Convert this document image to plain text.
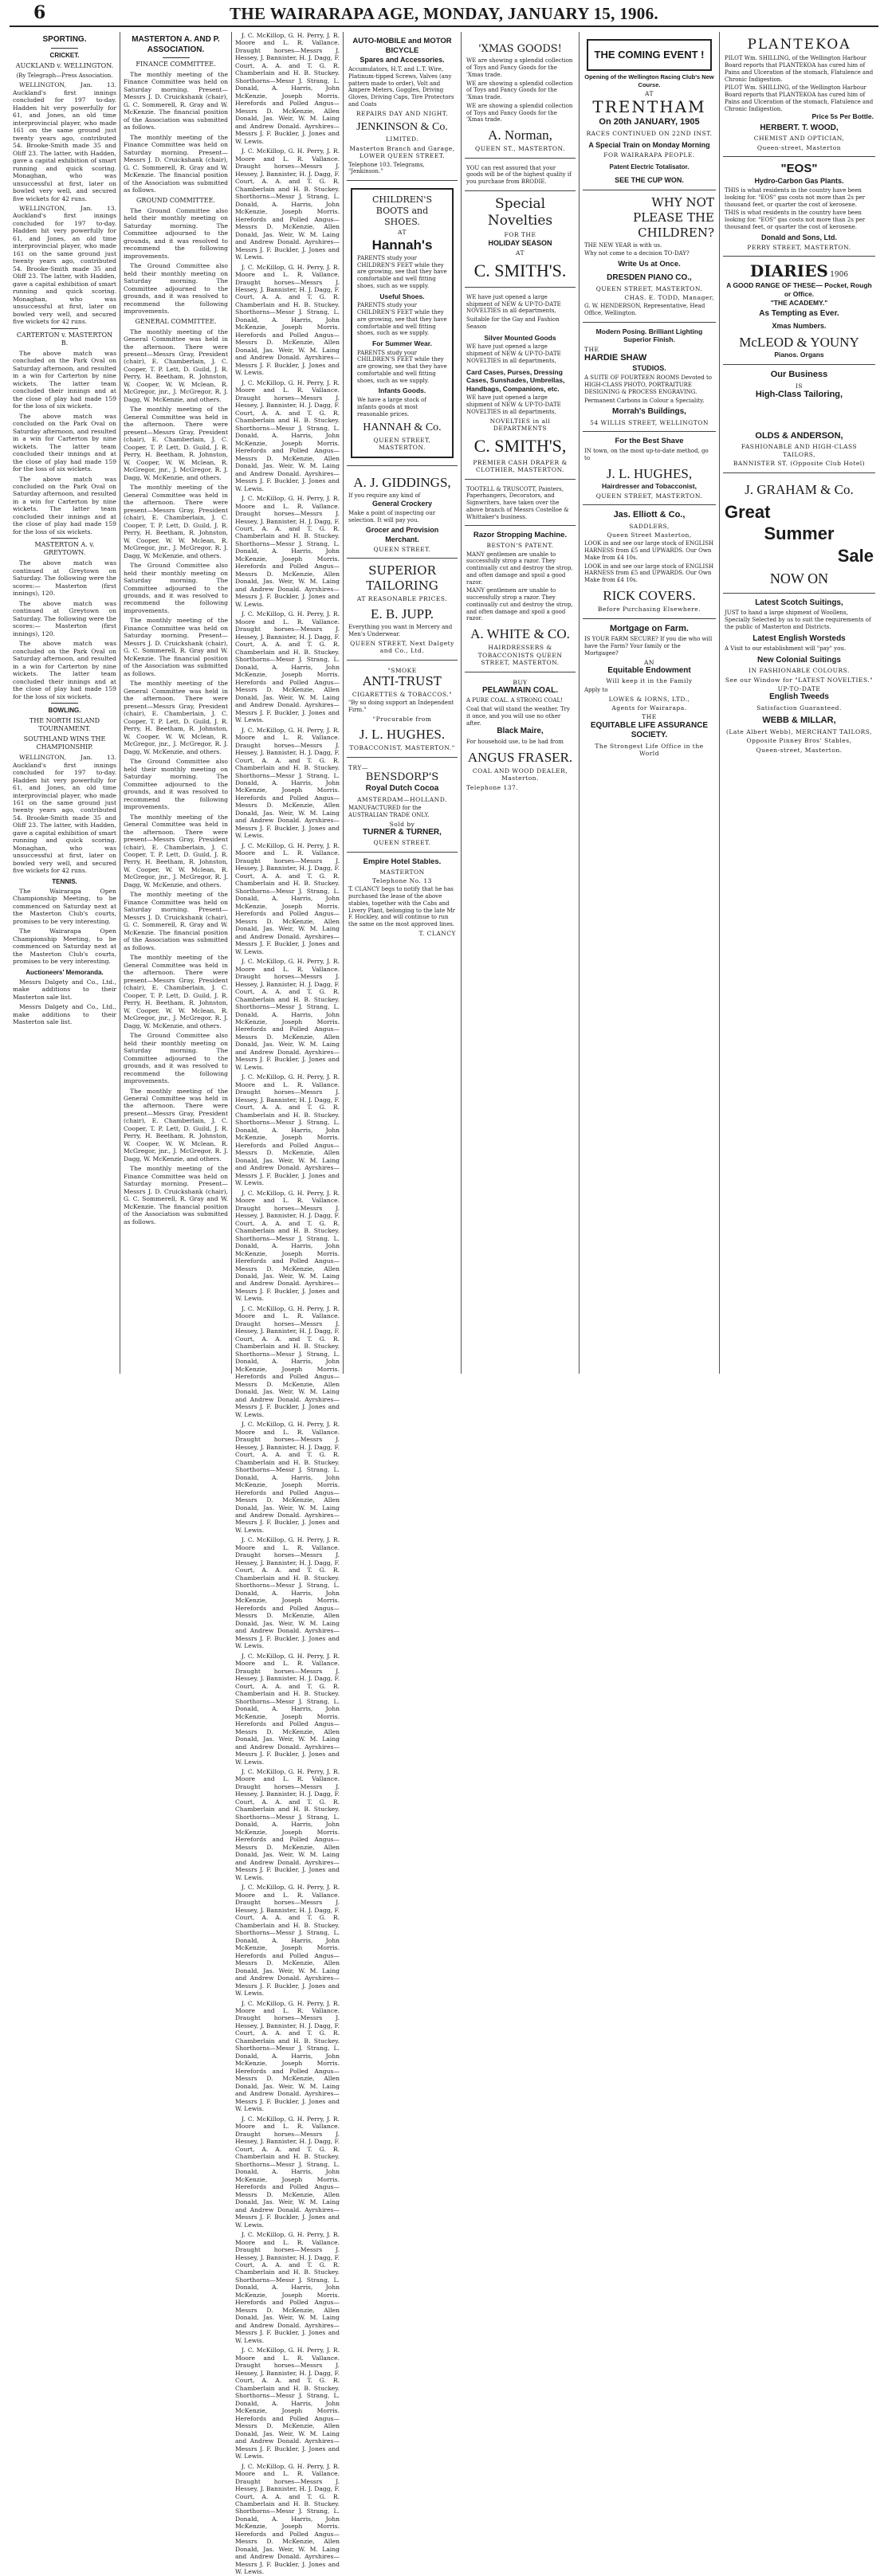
6	THE WAIRARAPA AGE, MONDAY, JANUARY 15, 1906.
SPORTING.
CRICKET.
AUCKLAND v. WELLINGTON.
(By Telegraph—Press Association.
WELLINGTON, Jan. 13. Auckland's first innings concluded for 197 to-day. Hadden hit very powerfully for 61, and Jones, an old time interprovincial player, who made 161 on the same ground just twenty years ago, contributed 54. Brooke-Smith made 35 and Oliff 23. The latter, with Hadden, gave a capital exhibition of smart running and quick scoring. Monaghan, who was unsuccessful at first, later on bowled very well, and secured five wickets for 42 runs.
WELLINGTON, Jan. 13. Auckland's first innings concluded for 197 to-day. Hadden hit very powerfully for 61, and Jones, an old time interprovincial player, who made 161 on the same ground just twenty years ago, contributed 54. Brooke-Smith made 35 and Oliff 23. The latter, with Hadden, gave a capital exhibition of smart running and quick scoring. Monaghan, who was unsuccessful at first, later on bowled very well, and secured five wickets for 42 runs.
CARTERTON v. MASTERTON B.
The above match was concluded on the Park Oval on Saturday afternoon, and resulted in a win for Carterton by nine wickets. The latter team concluded their innings and at the close of play had made 159 for the loss of six wickets.
The above match was concluded on the Park Oval on Saturday afternoon, and resulted in a win for Carterton by nine wickets. The latter team concluded their innings and at the close of play had made 159 for the loss of six wickets.
The above match was concluded on the Park Oval on Saturday afternoon, and resulted in a win for Carterton by nine wickets. The latter team concluded their innings and at the close of play had made 159 for the loss of six wickets.
MASTERTON A. v. GREYTOWN.
The above match was continued at Greytown on Saturday. The following were the scores:— Masterton (first innings), 120.
The above match was continued at Greytown on Saturday. The following were the scores:— Masterton (first innings), 120.
The above match was concluded on the Park Oval on Saturday afternoon, and resulted in a win for Carterton by nine wickets. The latter team concluded their innings and at the close of play had made 159 for the loss of six wickets.
BOWLING.
THE NORTH ISLAND TOURNAMENT.
SOUTHLAND WINS THE CHAMPIONSHIP.
WELLINGTON, Jan. 13. Auckland's first innings concluded for 197 to-day. Hadden hit very powerfully for 61, and Jones, an old time interprovincial player, who made 161 on the same ground just twenty years ago, contributed 54. Brooke-Smith made 35 and Oliff 23. The latter, with Hadden, gave a capital exhibition of smart running and quick scoring. Monaghan, who was unsuccessful at first, later on bowled very well, and secured five wickets for 42 runs.
TENNIS.
The Wairarapa Open Championship Meeting, to be commenced on Saturday next at the Masterton Club's courts, promises to be very interesting.
The Wairarapa Open Championship Meeting, to be commenced on Saturday next at the Masterton Club's courts, promises to be very interesting.
Auctioneers' Memoranda.
Messrs Dalgety and Co., Ltd., make additions to their Masterton sale list.
Messrs Dalgety and Co., Ltd., make additions to their Masterton sale list.
MASTERTON A. AND P. ASSOCIATION.
FINANCE COMMITTEE.
The monthly meeting of the Finance Committee was held on Saturday morning. Present—Messrs J. D. Cruickshank (chair), G. C. Sommerell, R. Gray and W. McKenzie. The financial position of the Association was submitted as follows.
The monthly meeting of the Finance Committee was held on Saturday morning. Present—Messrs J. D. Cruickshank (chair), G. C. Sommerell, R. Gray and W. McKenzie. The financial position of the Association was submitted as follows.
GROUND COMMITTEE.
The Ground Committee also held their monthly meeting on Saturday morning. The Committee adjourned to the grounds, and it was resolved to recommend the following improvements.
The Ground Committee also held their monthly meeting on Saturday morning. The Committee adjourned to the grounds, and it was resolved to recommend the following improvements.
GENERAL COMMITTEE.
The monthly meeting of the General Committee was held in the afternoon. There were present—Messrs Gray, President (chair), E. Chamberlain, J. C. Cooper, T. P. Lett, D. Guild, J. R. Perry, H. Beetham, R. Johnston, W. Cooper, W. W. Mclean, R. McGregor, jnr., J. McGregor, R. J. Dagg, W. McKenzie, and others.
The monthly meeting of the General Committee was held in the afternoon. There were present—Messrs Gray, President (chair), E. Chamberlain, J. C. Cooper, T. P. Lett, D. Guild, J. R. Perry, H. Beetham, R. Johnston, W. Cooper, W. W. Mclean, R. McGregor, jnr., J. McGregor, R. J. Dagg, W. McKenzie, and others.
The monthly meeting of the General Committee was held in the afternoon. There were present—Messrs Gray, President (chair), E. Chamberlain, J. C. Cooper, T. P. Lett, D. Guild, J. R. Perry, H. Beetham, R. Johnston, W. Cooper, W. W. Mclean, R. McGregor, jnr., J. McGregor, R. J. Dagg, W. McKenzie, and others.
The Ground Committee also held their monthly meeting on Saturday morning. The Committee adjourned to the grounds, and it was resolved to recommend the following improvements.
The monthly meeting of the Finance Committee was held on Saturday morning. Present—Messrs J. D. Cruickshank (chair), G. C. Sommerell, R. Gray and W. McKenzie. The financial position of the Association was submitted as follows.
The monthly meeting of the General Committee was held in the afternoon. There were present—Messrs Gray, President (chair), E. Chamberlain, J. C. Cooper, T. P. Lett, D. Guild, J. R. Perry, H. Beetham, R. Johnston, W. Cooper, W. W. Mclean, R. McGregor, jnr., J. McGregor, R. J. Dagg, W. McKenzie, and others.
The Ground Committee also held their monthly meeting on Saturday morning. The Committee adjourned to the grounds, and it was resolved to recommend the following improvements.
The monthly meeting of the General Committee was held in the afternoon. There were present—Messrs Gray, President (chair), E. Chamberlain, J. C. Cooper, T. P. Lett, D. Guild, J. R. Perry, H. Beetham, R. Johnston, W. Cooper, W. W. Mclean, R. McGregor, jnr., J. McGregor, R. J. Dagg, W. McKenzie, and others.
The monthly meeting of the Finance Committee was held on Saturday morning. Present—Messrs J. D. Cruickshank (chair), G. C. Sommerell, R. Gray and W. McKenzie. The financial position of the Association was submitted as follows.
The monthly meeting of the General Committee was held in the afternoon. There were present—Messrs Gray, President (chair), E. Chamberlain, J. C. Cooper, T. P. Lett, D. Guild, J. R. Perry, H. Beetham, R. Johnston, W. Cooper, W. W. Mclean, R. McGregor, jnr., J. McGregor, R. J. Dagg, W. McKenzie, and others.
The Ground Committee also held their monthly meeting on Saturday morning. The Committee adjourned to the grounds, and it was resolved to recommend the following improvements.
The monthly meeting of the General Committee was held in the afternoon. There were present—Messrs Gray, President (chair), E. Chamberlain, J. C. Cooper, T. P. Lett, D. Guild, J. R. Perry, H. Beetham, R. Johnston, W. Cooper, W. W. Mclean, R. McGregor, jnr., J. McGregor, R. J. Dagg, W. McKenzie, and others.
The monthly meeting of the Finance Committee was held on Saturday morning. Present—Messrs J. D. Cruickshank (chair), G. C. Sommerell, R. Gray and W. McKenzie. The financial position of the Association was submitted as follows.
J. C. McKillop, G. H. Perry, J. R. Moore and L. R. Vallance. Draught horses—Messrs J. Hessey, J. Bannister, H. J. Dagg, F. Court, A. A. and T. G. R. Chamberlain and H. B. Stuckey. Shorthorns—Messr J. Strang, L. Donald, A. Harris, John McKenzie, Joseph Morris. Herefords and Polled Angus—Messrs D. McKenzie, Allen Donald, Jas. Weir, W. M. Laing and Andrew Donald. Ayrshires—Messrs J. F. Buckler, J. Jones and W. Lewis.
J. C. McKillop, G. H. Perry, J. R. Moore and L. R. Vallance. Draught horses—Messrs J. Hessey, J. Bannister, H. J. Dagg, F. Court, A. A. and T. G. R. Chamberlain and H. B. Stuckey. Shorthorns—Messr J. Strang, L. Donald, A. Harris, John McKenzie, Joseph Morris. Herefords and Polled Angus—Messrs D. McKenzie, Allen Donald, Jas. Weir, W. M. Laing and Andrew Donald. Ayrshires—Messrs J. F. Buckler, J. Jones and W. Lewis.
J. C. McKillop, G. H. Perry, J. R. Moore and L. R. Vallance. Draught horses—Messrs J. Hessey, J. Bannister, H. J. Dagg, F. Court, A. A. and T. G. R. Chamberlain and H. B. Stuckey. Shorthorns—Messr J. Strang, L. Donald, A. Harris, John McKenzie, Joseph Morris. Herefords and Polled Angus—Messrs D. McKenzie, Allen Donald, Jas. Weir, W. M. Laing and Andrew Donald. Ayrshires—Messrs J. F. Buckler, J. Jones and W. Lewis.
J. C. McKillop, G. H. Perry, J. R. Moore and L. R. Vallance. Draught horses—Messrs J. Hessey, J. Bannister, H. J. Dagg, F. Court, A. A. and T. G. R. Chamberlain and H. B. Stuckey. Shorthorns—Messr J. Strang, L. Donald, A. Harris, John McKenzie, Joseph Morris. Herefords and Polled Angus—Messrs D. McKenzie, Allen Donald, Jas. Weir, W. M. Laing and Andrew Donald. Ayrshires—Messrs J. F. Buckler, J. Jones and W. Lewis.
J. C. McKillop, G. H. Perry, J. R. Moore and L. R. Vallance. Draught horses—Messrs J. Hessey, J. Bannister, H. J. Dagg, F. Court, A. A. and T. G. R. Chamberlain and H. B. Stuckey. Shorthorns—Messr J. Strang, L. Donald, A. Harris, John McKenzie, Joseph Morris. Herefords and Polled Angus—Messrs D. McKenzie, Allen Donald, Jas. Weir, W. M. Laing and Andrew Donald. Ayrshires—Messrs J. F. Buckler, J. Jones and W. Lewis.
J. C. McKillop, G. H. Perry, J. R. Moore and L. R. Vallance. Draught horses—Messrs J. Hessey, J. Bannister, H. J. Dagg, F. Court, A. A. and T. G. R. Chamberlain and H. B. Stuckey. Shorthorns—Messr J. Strang, L. Donald, A. Harris, John McKenzie, Joseph Morris. Herefords and Polled Angus—Messrs D. McKenzie, Allen Donald, Jas. Weir, W. M. Laing and Andrew Donald. Ayrshires—Messrs J. F. Buckler, J. Jones and W. Lewis.
J. C. McKillop, G. H. Perry, J. R. Moore and L. R. Vallance. Draught horses—Messrs J. Hessey, J. Bannister, H. J. Dagg, F. Court, A. A. and T. G. R. Chamberlain and H. B. Stuckey. Shorthorns—Messr J. Strang, L. Donald, A. Harris, John McKenzie, Joseph Morris. Herefords and Polled Angus—Messrs D. McKenzie, Allen Donald, Jas. Weir, W. M. Laing and Andrew Donald. Ayrshires—Messrs J. F. Buckler, J. Jones and W. Lewis.
J. C. McKillop, G. H. Perry, J. R. Moore and L. R. Vallance. Draught horses—Messrs J. Hessey, J. Bannister, H. J. Dagg, F. Court, A. A. and T. G. R. Chamberlain and H. B. Stuckey. Shorthorns—Messr J. Strang, L. Donald, A. Harris, John McKenzie, Joseph Morris. Herefords and Polled Angus—Messrs D. McKenzie, Allen Donald, Jas. Weir, W. M. Laing and Andrew Donald. Ayrshires—Messrs J. F. Buckler, J. Jones and W. Lewis.
J. C. McKillop, G. H. Perry, J. R. Moore and L. R. Vallance. Draught horses—Messrs J. Hessey, J. Bannister, H. J. Dagg, F. Court, A. A. and T. G. R. Chamberlain and H. B. Stuckey. Shorthorns—Messr J. Strang, L. Donald, A. Harris, John McKenzie, Joseph Morris. Herefords and Polled Angus—Messrs D. McKenzie, Allen Donald, Jas. Weir, W. M. Laing and Andrew Donald. Ayrshires—Messrs J. F. Buckler, J. Jones and W. Lewis.
J. C. McKillop, G. H. Perry, J. R. Moore and L. R. Vallance. Draught horses—Messrs J. Hessey, J. Bannister, H. J. Dagg, F. Court, A. A. and T. G. R. Chamberlain and H. B. Stuckey. Shorthorns—Messr J. Strang, L. Donald, A. Harris, John McKenzie, Joseph Morris. Herefords and Polled Angus—Messrs D. McKenzie, Allen Donald, Jas. Weir, W. M. Laing and Andrew Donald. Ayrshires—Messrs J. F. Buckler, J. Jones and W. Lewis.
J. C. McKillop, G. H. Perry, J. R. Moore and L. R. Vallance. Draught horses—Messrs J. Hessey, J. Bannister, H. J. Dagg, F. Court, A. A. and T. G. R. Chamberlain and H. B. Stuckey. Shorthorns—Messr J. Strang, L. Donald, A. Harris, John McKenzie, Joseph Morris. Herefords and Polled Angus—Messrs D. McKenzie, Allen Donald, Jas. Weir, W. M. Laing and Andrew Donald. Ayrshires—Messrs J. F. Buckler, J. Jones and W. Lewis.
J. C. McKillop, G. H. Perry, J. R. Moore and L. R. Vallance. Draught horses—Messrs J. Hessey, J. Bannister, H. J. Dagg, F. Court, A. A. and T. G. R. Chamberlain and H. B. Stuckey. Shorthorns—Messr J. Strang, L. Donald, A. Harris, John McKenzie, Joseph Morris. Herefords and Polled Angus—Messrs D. McKenzie, Allen Donald, Jas. Weir, W. M. Laing and Andrew Donald. Ayrshires—Messrs J. F. Buckler, J. Jones and W. Lewis.
J. C. McKillop, G. H. Perry, J. R. Moore and L. R. Vallance. Draught horses—Messrs J. Hessey, J. Bannister, H. J. Dagg, F. Court, A. A. and T. G. R. Chamberlain and H. B. Stuckey. Shorthorns—Messr J. Strang, L. Donald, A. Harris, John McKenzie, Joseph Morris. Herefords and Polled Angus—Messrs D. McKenzie, Allen Donald, Jas. Weir, W. M. Laing and Andrew Donald. Ayrshires—Messrs J. F. Buckler, J. Jones and W. Lewis.
J. C. McKillop, G. H. Perry, J. R. Moore and L. R. Vallance. Draught horses—Messrs J. Hessey, J. Bannister, H. J. Dagg, F. Court, A. A. and T. G. R. Chamberlain and H. B. Stuckey. Shorthorns—Messr J. Strang, L. Donald, A. Harris, John McKenzie, Joseph Morris. Herefords and Polled Angus—Messrs D. McKenzie, Allen Donald, Jas. Weir, W. M. Laing and Andrew Donald. Ayrshires—Messrs J. F. Buckler, J. Jones and W. Lewis.
J. C. McKillop, G. H. Perry, J. R. Moore and L. R. Vallance. Draught horses—Messrs J. Hessey, J. Bannister, H. J. Dagg, F. Court, A. A. and T. G. R. Chamberlain and H. B. Stuckey. Shorthorns—Messr J. Strang, L. Donald, A. Harris, John McKenzie, Joseph Morris. Herefords and Polled Angus—Messrs D. McKenzie, Allen Donald, Jas. Weir, W. M. Laing and Andrew Donald. Ayrshires—Messrs J. F. Buckler, J. Jones and W. Lewis.
J. C. McKillop, G. H. Perry, J. R. Moore and L. R. Vallance. Draught horses—Messrs J. Hessey, J. Bannister, H. J. Dagg, F. Court, A. A. and T. G. R. Chamberlain and H. B. Stuckey. Shorthorns—Messr J. Strang, L. Donald, A. Harris, John McKenzie, Joseph Morris. Herefords and Polled Angus—Messrs D. McKenzie, Allen Donald, Jas. Weir, W. M. Laing and Andrew Donald. Ayrshires—Messrs J. F. Buckler, J. Jones and W. Lewis.
J. C. McKillop, G. H. Perry, J. R. Moore and L. R. Vallance. Draught horses—Messrs J. Hessey, J. Bannister, H. J. Dagg, F. Court, A. A. and T. G. R. Chamberlain and H. B. Stuckey. Shorthorns—Messr J. Strang, L. Donald, A. Harris, John McKenzie, Joseph Morris. Herefords and Polled Angus—Messrs D. McKenzie, Allen Donald, Jas. Weir, W. M. Laing and Andrew Donald. Ayrshires—Messrs J. F. Buckler, J. Jones and W. Lewis.
J. C. McKillop, G. H. Perry, J. R. Moore and L. R. Vallance. Draught horses—Messrs J. Hessey, J. Bannister, H. J. Dagg, F. Court, A. A. and T. G. R. Chamberlain and H. B. Stuckey. Shorthorns—Messr J. Strang, L. Donald, A. Harris, John McKenzie, Joseph Morris. Herefords and Polled Angus—Messrs D. McKenzie, Allen Donald, Jas. Weir, W. M. Laing and Andrew Donald. Ayrshires—Messrs J. F. Buckler, J. Jones and W. Lewis.
J. C. McKillop, G. H. Perry, J. R. Moore and L. R. Vallance. Draught horses—Messrs J. Hessey, J. Bannister, H. J. Dagg, F. Court, A. A. and T. G. R. Chamberlain and H. B. Stuckey. Shorthorns—Messr J. Strang, L. Donald, A. Harris, John McKenzie, Joseph Morris. Herefords and Polled Angus—Messrs D. McKenzie, Allen Donald, Jas. Weir, W. M. Laing and Andrew Donald. Ayrshires—Messrs J. F. Buckler, J. Jones and W. Lewis.
J. C. McKillop, G. H. Perry, J. R. Moore and L. R. Vallance. Draught horses—Messrs J. Hessey, J. Bannister, H. J. Dagg, F. Court, A. A. and T. G. R. Chamberlain and H. B. Stuckey. Shorthorns—Messr J. Strang, L. Donald, A. Harris, John McKenzie, Joseph Morris. Herefords and Polled Angus—Messrs D. McKenzie, Allen Donald, Jas. Weir, W. M. Laing and Andrew Donald. Ayrshires—Messrs J. F. Buckler, J. Jones and W. Lewis.
J. C. McKillop, G. H. Perry, J. R. Moore and L. R. Vallance. Draught horses—Messrs J. Hessey, J. Bannister, H. J. Dagg, F. Court, A. A. and T. G. R. Chamberlain and H. B. Stuckey. Shorthorns—Messr J. Strang, L. Donald, A. Harris, John McKenzie, Joseph Morris. Herefords and Polled Angus—Messrs D. McKenzie, Allen Donald, Jas. Weir, W. M. Laing and Andrew Donald. Ayrshires—Messrs J. F. Buckler, J. Jones and W. Lewis.
J. C. McKillop, G. H. Perry, J. R. Moore and L. R. Vallance. Draught horses—Messrs J. Hessey, J. Bannister, H. J. Dagg, F. Court, A. A. and T. G. R. Chamberlain and H. B. Stuckey. Shorthorns—Messr J. Strang, L. Donald, A. Harris, John McKenzie, Joseph Morris. Herefords and Polled Angus—Messrs D. McKenzie, Allen Donald, Jas. Weir, W. M. Laing and Andrew Donald. Ayrshires—Messrs J. F. Buckler, J. Jones and W. Lewis.
AUTO-MOBILE and MOTOR BICYCLE
Spares and Accessories.
Accumulators, H.T. and L.T. Wire, Platinum-tipped Screws, Valves (any pattern made to order), Volt and Ampere Meters, Goggles, Driving Gloves, Driving Caps, Tire Protectors and Coats
REPAIRS DAY AND NIGHT.
JENKINSON & Co.
LIMITED.
Masterton Branch and Garage, LOWER QUEEN STREET.
Telephone 103. Telegrams, "Jenkinson."
CHILDREN'S BOOTS and SHOES.
AT
Hannah's
PARENTS study your CHILDREN'S FEET while they are growing, see that they have comfortable and well fitting shoes, such as we supply.
Useful Shoes.
PARENTS study your CHILDREN'S FEET while they are growing, see that they have comfortable and well fitting shoes, such as we supply.
For Summer Wear.
PARENTS study your CHILDREN'S FEET while they are growing, see that they have comfortable and well fitting shoes, such as we supply.
Infants Goods.
We have a large stock of infants goods at most reasonable prices.
HANNAH & Co.
QUEEN STREET, MASTERTON.
A. J. GIDDINGS,
If you require any kind of
General Crockery
Make a point of inspecting our selection. It will pay you.
Grocer and Provision Merchant.
QUEEN STREET.
SUPERIOR TAILORING
AT REASONABLE PRICES.
E. B. JUPP.
Everything you want in Mercery and Men's Underwear.
QUEEN STREET, Next Dalgety and Co., Ltd.
"SMOKE
ANTI-TRUST
CIGARETTES & TOBACCOS."
"By so doing support an Independent Firm."
"Procurable from
J. L. HUGHES.
TOBACCONIST, MASTERTON."
TRY—
BENSDORP'S
Royal Dutch Cocoa
AMSTERDAM—HOLLAND.
MANUFACTURED for the AUSTRALIAN TRADE ONLY.
Sold by
TURNER & TURNER,
QUEEN STREET.
Empire Hotel Stables.
MASTERTON
Telephone No. 13
T. CLANCY begs to notify that he has purchased the lease of the above stables, together with the Cabs and Livery Plant, belonging to the late Mr F. Hockley, and will continue to run the same on the most approved lines.
T. CLANCY
'XMAS GOODS!
WE are showing a splendid collection of Toys and Fancy Goods for the 'Xmas trade.
WE are showing a splendid collection of Toys and Fancy Goods for the 'Xmas trade.
WE are showing a splendid collection of Toys and Fancy Goods for the 'Xmas trade.
A. Norman,
QUEEN ST., MASTERTON.
YOU can rest assured that your goods will be of the highest quality if you purchase from BRODIE.
Special Novelties
FOR THE
HOLIDAY SEASON
AT
C. SMITH'S.
WE have just opened a large shipment of NEW & UP-TO-DATE NOVELTIES in all departments,
Suitable for the Gay and Fashion Season
Silver Mounted Goods
WE have just opened a large shipment of NEW & UP-TO-DATE NOVELTIES in all departments,
Card Cases, Purses, Dressing Cases, Sunshades, Umbrellas, Handbags, Companions, etc.
WE have just opened a large shipment of NEW & UP-TO-DATE NOVELTIES in all departments,
NOVELTIES in all DEPARTMENTS
C. SMITH'S,
PREMIER CASH DRAPER & CLOTHIER, MASTERTON.
TOOTELL & TRUSCOTT, Painters, Paperhangers, Decorators, and Signwriters, have taken over the above branch of Messrs Costelloe & Whittaker's business.
Razor Stropping Machine.
BESTON'S PATENT.
MANY gentlemen are unable to successfully strop a razor. They continually cut and destroy the strop, and often damage and spoil a good razor.
MANY gentlemen are unable to successfully strop a razor. They continually cut and destroy the strop, and often damage and spoil a good razor.
A. WHITE & CO.
HAIRDRESSERS & TOBACCONISTS QUEEN STREET, MASTERTON.
BUY
PELAWMAIN COAL.
A PURE COAL. A STRONG COAL!
Coal that will stand the weather. Try it once, and you will use no other after.
Black Maire,
For household use, to be had from
ANGUS FRASER.
COAL AND WOOD DEALER, Masterton.
Telephone 137.
THE COMING EVENT !
Opening of the Wellington Racing Club's New Course.
AT
TRENTHAM
On 20th JANUARY, 1905
RACES CONTINUED ON 22ND INST.
A Special Train on Monday Morning
FOR WAIRARAPA PEOPLE.
Patent Electric Totalisator.
SEE THE CUP WON.
WHY NOT PLEASE THE CHILDREN?
THE NEW YEAR is with us.
Why not come to a decision TO-DAY?
Write Us at Once.
DRESDEN PIANO CO.,
QUEEN STREET, MASTERTON.
CHAS. E. TODD, Manager,
G. W. HENDERSON, Representative, Head Office, Wellington.
Modern Posing. Brilliant Lighting Superior Finish.
THE
HARDIE SHAW
STUDIOS.
A SUITE OF FOURTEEN ROOMS Devoted to HIGH-CLASS PHOTO, PORTRAITURE DESIGNING & PROCESS ENGRAVING.
Permanent Carbons in Colour a Speciality.
Morrah's Buildings,
54 WILLIS STREET, WELLINGTON
For the Best Shave
IN town, on the most up-to-date method, go to
J. L. HUGHES,
Hairdresser and Tobacconist,
QUEEN STREET, MASTERTON.
Jas. Elliott & Co.,
SADDLERS,
Queen Street Masterton,
LOOK in and see our large stock of ENGLISH HARNESS from £5 and UPWARDS. Our Own Make from £4 10s.
LOOK in and see our large stock of ENGLISH HARNESS from £5 and UPWARDS. Our Own Make from £4 10s.
RICK COVERS.
Before Purchasing Elsewhere.
Mortgage on Farm.
IS YOUR FARM SECURE? If you die who will have the Farm? Your family or the Mortgagee?
AN
Equitable Endowment
Will keep it in the Family
Apply to
LOWES & IORNS, LTD.,
Agents for Wairarapa.
THE
EQUITABLE LIFE ASSURANCE SOCIETY.
The Strongest Life Office in the World
PLANTEKOA
PILOT Wm. SHILLING, of the Wellington Harbour Board reports that PLANTEKOA has cured him of Pains and Ulceration of the stomach, Flatulence and Chronic Indigestion.
PILOT Wm. SHILLING, of the Wellington Harbour Board reports that PLANTEKOA has cured him of Pains and Ulceration of the stomach, Flatulence and Chronic Indigestion.
Price 5s Per Bottle.
HERBERT. T. WOOD,
CHEMIST AND OPTICIAN,
Queen-street, Masterton
"EOS"
Hydro-Carbon Gas Plants.
THIS is what residents in the country have been looking for. "EOS" gas costs not more than 2s per thousand feet, or quarter the cost of kerosene.
THIS is what residents in the country have been looking for. "EOS" gas costs not more than 2s per thousand feet, or quarter the cost of kerosene.
Donald and Sons, Ltd.
PERRY STREET, MASTERTON.
DIARIES 1906
A GOOD RANGE OF THESE— Pocket, Rough or Office.
"THE ACADEMY."
As Tempting as Ever.
Xmas Numbers.
McLEOD & YOUNY
Pianos. Organs
Our Business
IS
High-Class Tailoring,
OLDS & ANDERSON,
FASHIONABLE AND HIGH-CLASS TAILORS,
BANNISTER ST. (Opposite Club Hotel)
J. GRAHAM & Co.
Great
Summer
Sale
NOW ON
Latest Scotch Suitings,
JUST to hand a large shipment of Woollens, Specially Selected by us to suit the requirements of the public of Masterton and Districts.
Latest English Worsteds
A Visit to our establishment will "pay" you.
New Colonial Suitings
IN FASHIONABLE COLOURS.
See our Window for "LATEST NOVELTIES."
UP-TO-DATE
English Tweeds
Satisfaction Guaranteed.
WEBB & MILLAR,
(Late Albert Webb), MERCHANT TAILORS,
Opposite Pinney Bros' Stables,
Queen-street, Masterton.
